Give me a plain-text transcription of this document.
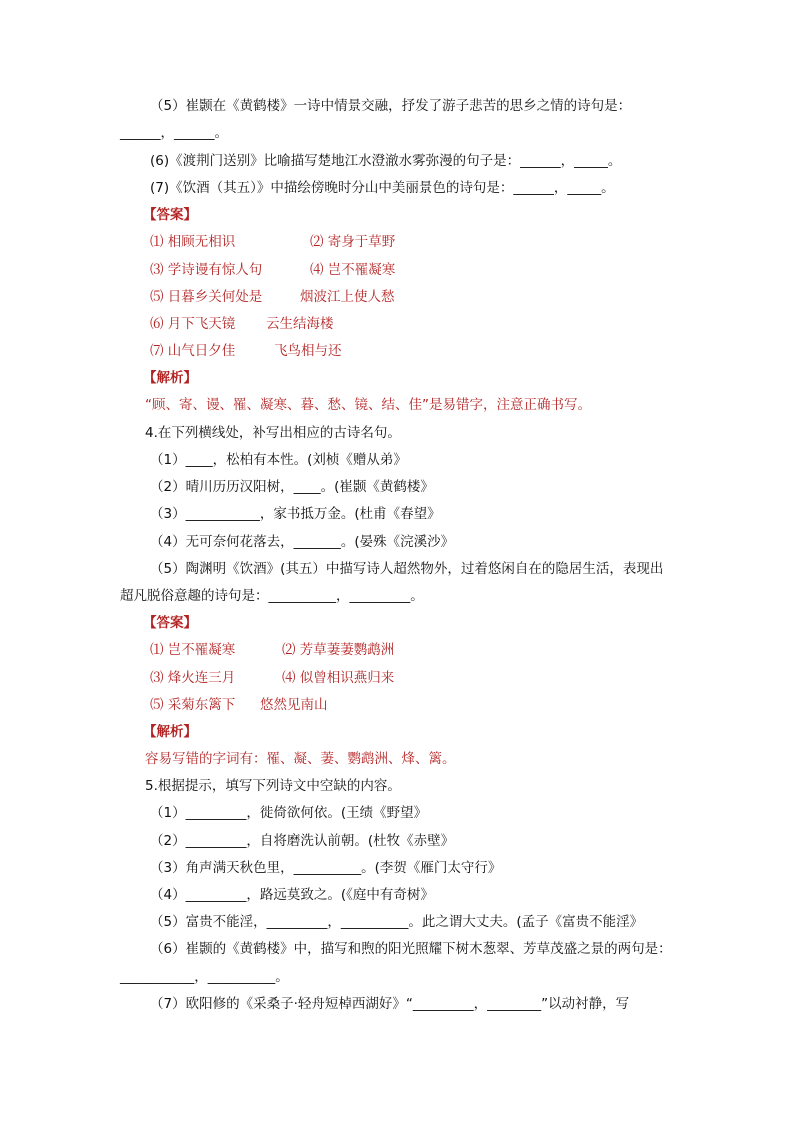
（5）崔颢在《黄鹤楼》一诗中情景交融，抒发了游子悲苦的思乡之情的诗句是：
______，______。
(6)《渡荆门送别》比喻描写楚地江水澄澈水雾弥漫的句子是：______，_____。
(7)《饮酒（其五）》中描绘傍晚时分山中美丽景色的诗句是：______，_____。
【答案】
⑴ 相顾无相识	⑵ 寄身于草野
⑶ 学诗谩有惊人句	⑷ 岂不罹凝寒
⑸ 日暮乡关何处是	烟波江上使人愁
⑹ 月下飞天镜 云生结海楼
⑺ 山气日夕佳	飞鸟相与还
【解析】
“顾、寄、谩、罹、凝寒、暮、愁、镜、结、佳”是易错字，注意正确书写。
4.在下列横线处，补写出相应的古诗名句。
（1）____，松柏有本性。(刘桢《赠从弟》
（2）晴川历历汉阳树，____。(崔颢《黄鹤楼》
（3）___________，家书抵万金。(杜甫《春望》
（4）无可奈何花落去，_______。(晏殊《浣溪沙》
（5）陶渊明《饮酒》(其五）中描写诗人超然物外，过着悠闲自在的隐居生活，表现出
超凡脱俗意趣的诗句是：__________，_________。
【答案】
⑴ 岂不罹凝寒	⑵ 芳草萋萋鹦鹉洲
⑶ 烽火连三月	⑷ 似曾相识燕归来
⑸ 采菊东篱下 悠然见南山
【解析】
容易写错的字词有：罹、凝、萋、鹦鹉洲、烽、篱。
5.根据提示，填写下列诗文中空缺的内容。
（1）_________，徙倚欲何依。(王绩《野望》
（2）_________，自将磨洗认前朝。(杜牧《赤壁》
（3）角声满天秋色里，__________。(李贺《雁门太守行》
（4）_________，路远莫致之。(《庭中有奇树》
（5）富贵不能淫，_________，__________。此之谓大丈夫。(孟子《富贵不能淫》
（6）崔颢的《黄鹤楼》中，描写和煦的阳光照耀下树木葱翠、芳草茂盛之景的两句是：
___________，__________。
（7）欧阳修的《采桑子·轻舟短棹西湖好》“_________，________”以动衬静，写
